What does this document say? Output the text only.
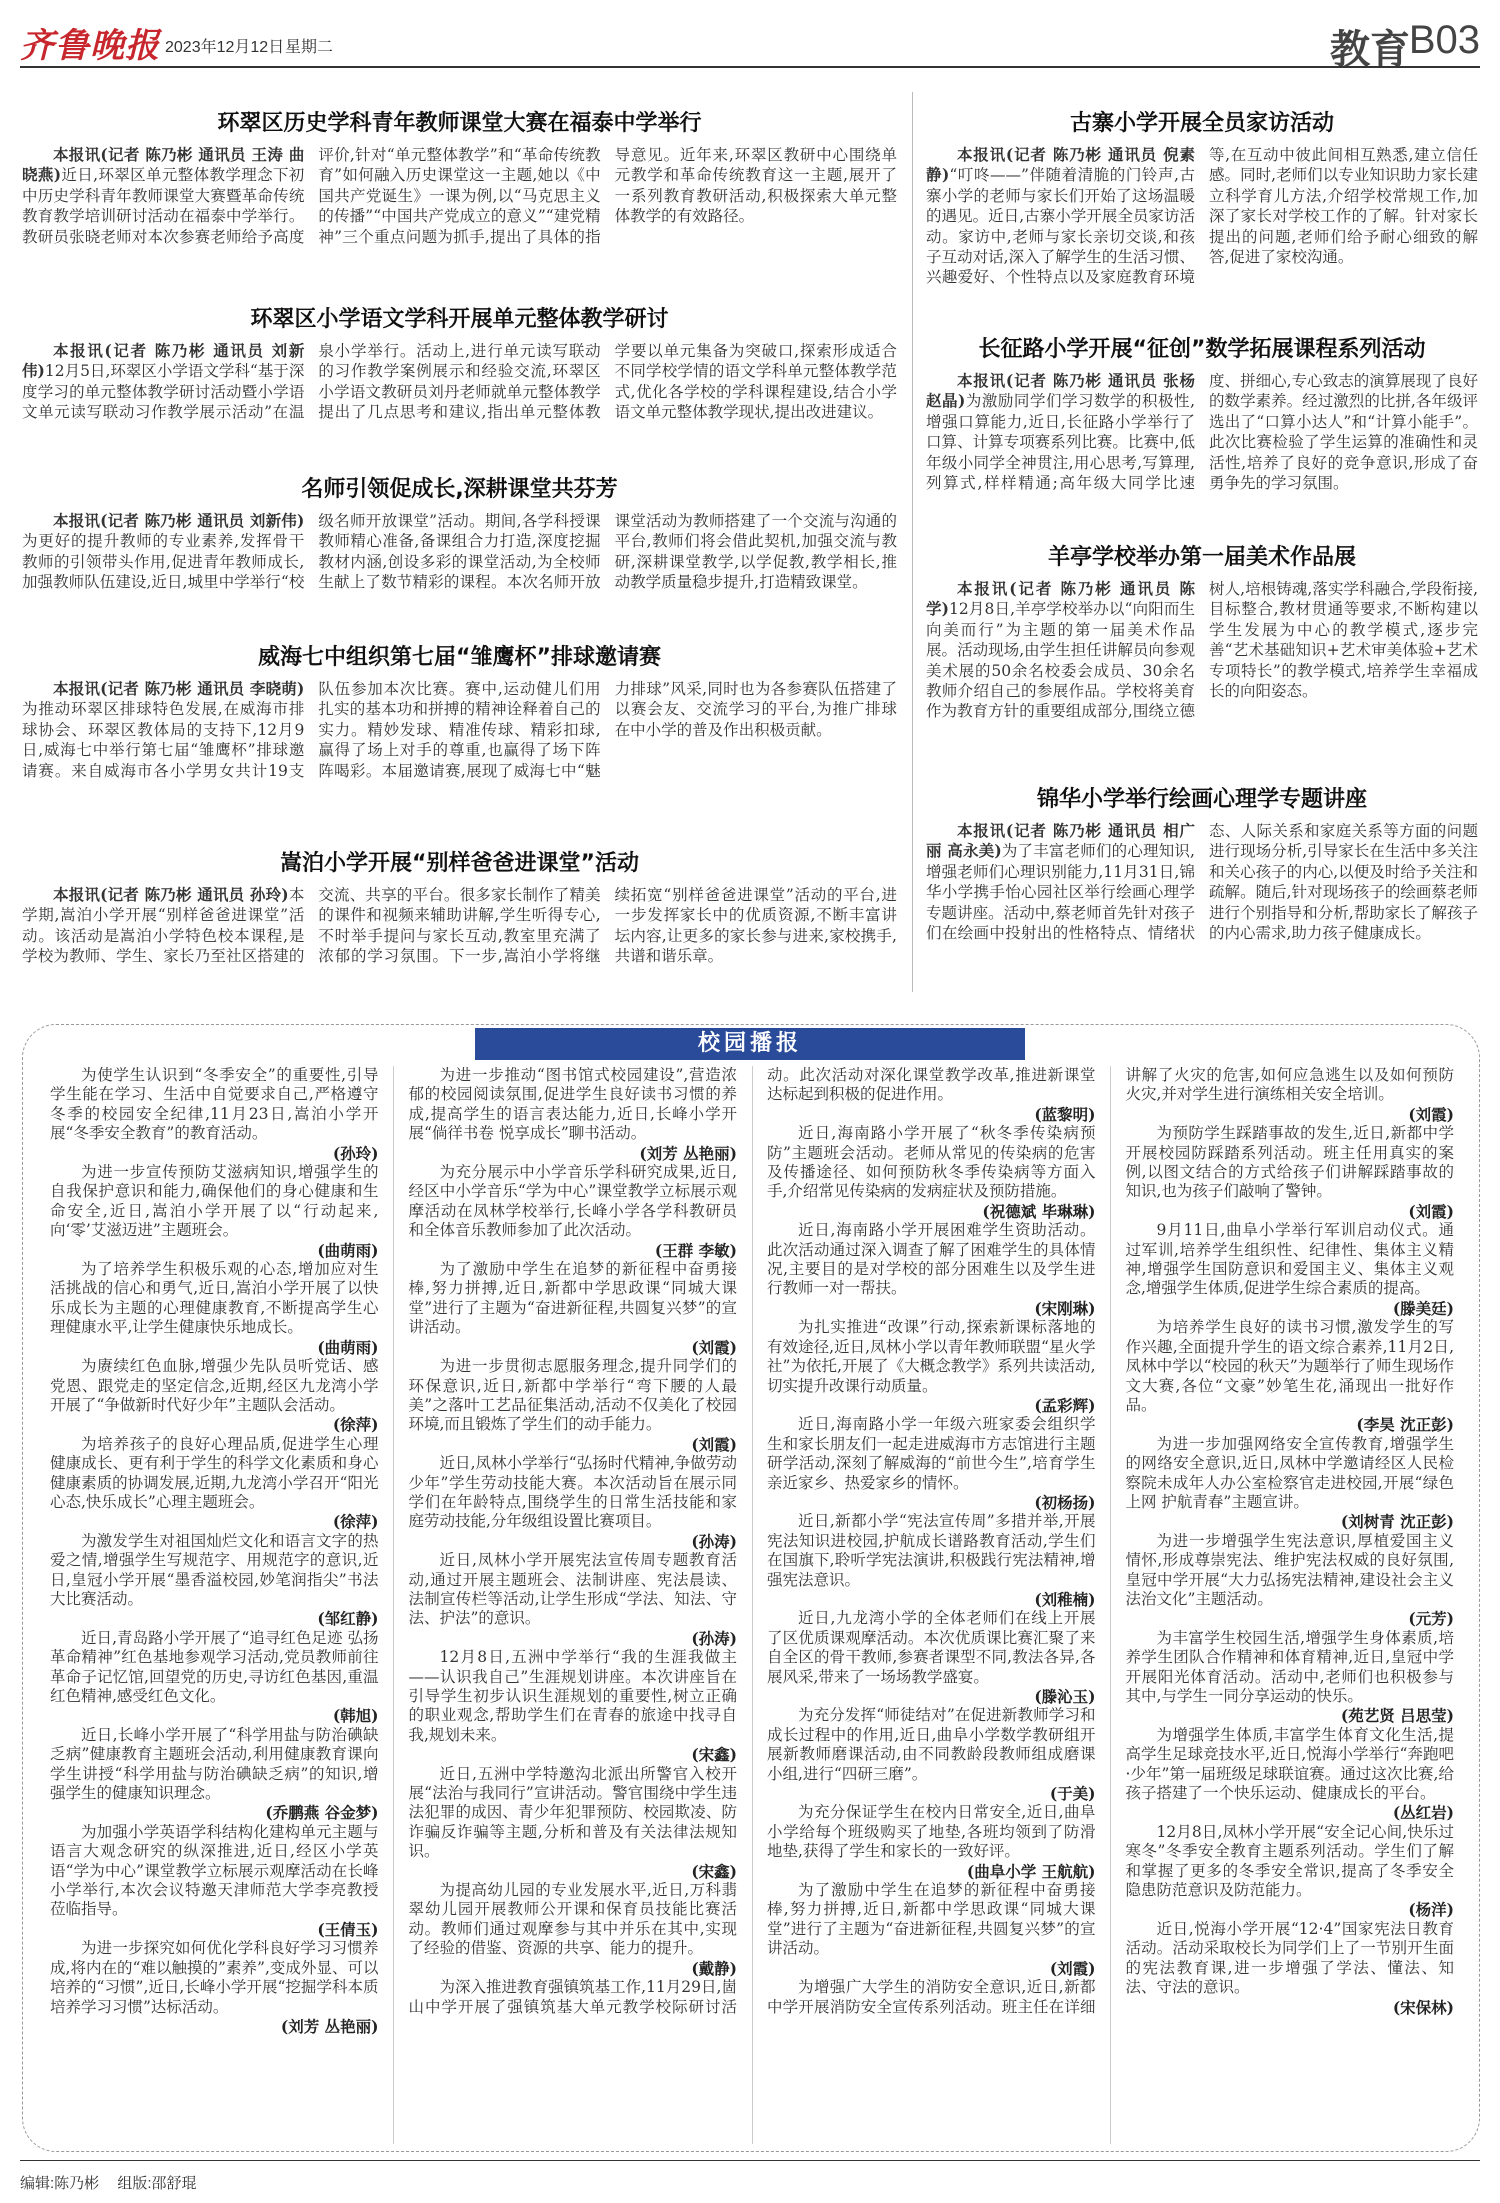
齐鲁晚报 2023年12月12日 星期二	教育
B03
环翠区历史学科青年教师课堂大赛在福泰中学举行

本报讯(记者 陈乃彬 通讯员 王涛 曲晓燕)近日,环翠区单元整体教学理念下初中历史学科青年教师课堂大赛暨革命传统教育教学培训研讨活动在福泰中学举行。教研员张晓老师对本次参赛老师给予高度评价,针对“单元整体教学”和“革命传统教育”如何融入历史课堂这一主题,她以《中国共产党诞生》一课为例,以“马克思主义的传播”“中国共产党成立的意义”“建党精神”三个重点问题为抓手,提出了具体的指导意见。近年来,环翠区教研中心围绕单元教学和革命传统教育这一主题,展开了一系列教育教研活动,积极探索大单元整体教学的有效路径。

环翠区小学语文学科开展单元整体教学研讨

本报讯(记者 陈乃彬 通讯员 刘新伟)12月5日,环翠区小学语文学科“基于深度学习的单元整体教学研讨活动暨小学语文单元读写联动习作教学展示活动”在温泉小学举行。活动上,进行单元读写联动的习作教学案例展示和经验交流,环翠区小学语文教研员刘丹老师就单元整体教学提出了几点思考和建议,指出单元整体教学要以单元集备为突破口,探索形成适合不同学校学情的语文学科单元整体教学范式,优化各学校的学科课程建设,结合小学语文单元整体教学现状,提出改进建议。

名师引领促成长,深耕课堂共芬芳

本报讯(记者 陈乃彬 通讯员 刘新伟)为更好的提升教师的专业素养,发挥骨干教师的引领带头作用,促进青年教师成长,加强教师队伍建设,近日,城里中学举行“校级名师开放课堂”活动。期间,各学科授课教师精心准备,备课组合力打造,深度挖掘教材内涵,创设多彩的课堂活动,为全校师生献上了数节精彩的课程。本次名师开放课堂活动为教师搭建了一个交流与沟通的平台,教师们将会借此契机,加强交流与教研,深耕课堂教学,以学促教,教学相长,推动教学质量稳步提升,打造精致课堂。

威海七中组织第七届“雏鹰杯”排球邀请赛

本报讯(记者 陈乃彬 通讯员 李晓萌)为推动环翠区排球特色发展,在威海市排球协会、环翠区教体局的支持下,12月9日,威海七中举行第七届“雏鹰杯”排球邀请赛。来自威海市各小学男女共计19支队伍参加本次比赛。赛中,运动健儿们用扎实的基本功和拼搏的精神诠释着自己的实力。精妙发球、精准传球、精彩扣球,赢得了场上对手的尊重,也赢得了场下阵阵喝彩。本届邀请赛,展现了威海七中“魅力排球”风采,同时也为各参赛队伍搭建了以赛会友、交流学习的平台,为推广排球在中小学的普及作出积极贡献。

嵩泊小学开展“别样爸爸进课堂”活动

本报讯(记者 陈乃彬 通讯员 孙玲)本学期,嵩泊小学开展“别样爸爸进课堂”活动。该活动是嵩泊小学特色校本课程,是学校为教师、学生、家长乃至社区搭建的交流、共享的平台。很多家长制作了精美的课件和视频来辅助讲解,学生听得专心,不时举手提问与家长互动,教室里充满了浓郁的学习氛围。下一步,嵩泊小学将继续拓宽“别样爸爸进课堂”活动的平台,进一步发挥家长中的优质资源,不断丰富讲坛内容,让更多的家长参与进来,家校携手,共谱和谐乐章。

古寨小学开展全员家访活动

本报讯(记者 陈乃彬 通讯员 倪素静)“叮咚——”伴随着清脆的门铃声,古寨小学的老师与家长们开始了这场温暖的遇见。近日,古寨小学开展全员家访活动。家访中,老师与家长亲切交谈,和孩子互动对话,深入了解学生的生活习惯、兴趣爱好、个性特点以及家庭教育环境等,在互动中彼此间相互熟悉,建立信任感。同时,老师们以专业知识助力家长建立科学育儿方法,介绍学校常规工作,加深了家长对学校工作的了解。针对家长提出的问题,老师们给予耐心细致的解答,促进了家校沟通。

长征路小学开展“征创”数学拓展课程系列活动

本报讯(记者 陈乃彬 通讯员 张杨 赵晶)为激励同学们学习数学的积极性,增强口算能力,近日,长征路小学举行了口算、计算专项赛系列比赛。比赛中,低年级小同学全神贯注,用心思考,写算理,列算式,样样精通;高年级大同学比速度、拼细心,专心致志的演算展现了良好的数学素养。经过激烈的比拼,各年级评选出了“口算小达人”和“计算小能手”。此次比赛检验了学生运算的准确性和灵活性,培养了良好的竞争意识,形成了奋勇争先的学习氛围。

羊亭学校举办第一届美术作品展

本报讯(记者 陈乃彬 通讯员 陈学)12月8日,羊亭学校举办以“向阳而生 向美而行”为主题的第一届美术作品展。活动现场,由学生担任讲解员向参观美术展的50余名校委会成员、30余名教师介绍自己的参展作品。学校将美育作为教育方针的重要组成部分,围绕立德树人,培根铸魂,落实学科融合,学段衔接,目标整合,教材贯通等要求,不断构建以学生发展为中心的教学模式,逐步完善“艺术基础知识+艺术审美体验+艺术专项特长”的教学模式,培养学生幸福成长的向阳姿态。

锦华小学举行绘画心理学专题讲座

本报讯(记者 陈乃彬 通讯员 相广丽 高永美)为了丰富老师们的心理知识,增强老师们心理识别能力,11月31日,锦华小学携手怡心园社区举行绘画心理学专题讲座。活动中,蔡老师首先针对孩子们在绘画中投射出的性格特点、情绪状态、人际关系和家庭关系等方面的问题进行现场分析,引导家长在生活中多关注和关心孩子的内心,以便及时给予关注和疏解。随后,针对现场孩子的绘画蔡老师进行个别指导和分析,帮助家长了解孩子的内心需求,助力孩子健康成长。

校园播报
为使学生认识到“冬季安全”的重要性,引导学生能在学习、生活中自觉要求自己,严格遵守冬季的校园安全纪律,11月23日,嵩泊小学开展“冬季安全教育”的教育活动。
(孙玲)
为进一步宣传预防艾滋病知识,增强学生的自我保护意识和能力,确保他们的身心健康和生命安全,近日,嵩泊小学开展了以“行动起来,向‘零’艾滋迈进”主题班会。
(曲萌雨)
为了培养学生积极乐观的心态,增加应对生活挑战的信心和勇气,近日,嵩泊小学开展了以快乐成长为主题的心理健康教育,不断提高学生心理健康水平,让学生健康快乐地成长。
(曲萌雨)
为赓续红色血脉,增强少先队员听党话、感党恩、跟党走的坚定信念,近期,经区九龙湾小学开展了“争做新时代好少年”主题队会活动。
(徐萍)
为培养孩子的良好心理品质,促进学生心理健康成长、更有利于学生的科学文化素质和身心健康素质的协调发展,近期,九龙湾小学召开“阳光心态,快乐成长”心理主题班会。
(徐萍)
为激发学生对祖国灿烂文化和语言文字的热爱之情,增强学生写规范字、用规范字的意识,近日,皇冠小学开展“墨香溢校园,妙笔润指尖”书法大比赛活动。
(邹红静)
近日,青岛路小学开展了“追寻红色足迹 弘扬革命精神”红色基地参观学习活动,党员教师前往革命子记忆馆,回望党的历史,寻访红色基因,重温红色精神,感受红色文化。
(韩旭)
近日,长峰小学开展了“科学用盐与防治碘缺乏病”健康教育主题班会活动,利用健康教育课向学生讲授“科学用盐与防治碘缺乏病”的知识,增强学生的健康知识理念。
(乔鹏燕 谷金梦)
为加强小学英语学科结构化建构单元主题与语言大观念研究的纵深推进,近日,经区小学英语“学为中心”课堂教学立标展示观摩活动在长峰小学举行,本次会议特邀天津师范大学李亮教授莅临指导。
(王倩玉)
为进一步探究如何优化学科良好学习习惯养成,将内在的“难以触摸的”素养”,变成外显、可以培养的“习惯”,近日,长峰小学开展“挖掘学科本质 培养学习习惯”达标活动。
(刘芳 丛艳丽)
为进一步推动“图书馆式校园建设”,营造浓郁的校园阅读氛围,促进学生良好读书习惯的养成,提高学生的语言表达能力,近日,长峰小学开展“倘徉书卷 悦享成长”聊书活动。
(刘芳 丛艳丽)
为充分展示中小学音乐学科研究成果,近日,经区中小学音乐“学为中心”课堂教学立标展示观摩活动在凤林学校举行,长峰小学各学科教研员和全体音乐教师参加了此次活动。
(王群 李敏)
为了激励中学生在追梦的新征程中奋勇接棒,努力拼搏,近日,新都中学思政课“同城大课堂”进行了主题为“奋进新征程,共圆复兴梦”的宣讲活动。
(刘霞)
为进一步贯彻志愿服务理念,提升同学们的环保意识,近日,新都中学举行“弯下腰的人最美”之落叶工艺品征集活动,活动不仅美化了校园环境,而且锻炼了学生们的动手能力。
(刘霞)
近日,凤林小学举行“弘扬时代精神,争做劳动少年”学生劳动技能大赛。本次活动旨在展示同学们在年龄特点,围绕学生的日常生活技能和家庭劳动技能,分年级组设置比赛项目。
(孙涛)
近日,凤林小学开展宪法宣传周专题教育活动,通过开展主题班会、法制讲座、宪法晨读、法制宣传栏等活动,让学生形成“学法、知法、守法、护法”的意识。
(孙涛)
12月8日,五洲中学举行“我的生涯我做主——认识我自己”生涯规划讲座。本次讲座旨在引导学生初步认识生涯规划的重要性,树立正确的职业观念,帮助学生们在青春的旅途中找寻自我,规划未来。
(宋鑫)
近日,五洲中学特邀沟北派出所警官入校开展“法治与我同行”宣讲活动。警官围绕中学生违法犯罪的成因、青少年犯罪预防、校园欺凌、防诈骗反诈骗等主题,分析和普及有关法律法规知识。
(宋鑫)
为提高幼儿园的专业发展水平,近日,万科翡翠幼儿园开展教师公开课和保育员技能比赛活动。教师们通过观摩参与其中并乐在其中,实现了经验的借鉴、资源的共享、能力的提升。
(戴静)
为深入推进教育强镇筑基工作,11月29日,崮山中学开展了强镇筑基大单元教学校际研讨活动。此次活动对深化课堂教学改革,推进新课堂达标起到积极的促进作用。
(蓝黎明)
近日,海南路小学开展了“秋冬季传染病预防”主题班会活动。老师从常见的传染病的危害及传播途径、如何预防秋冬季传染病等方面入手,介绍常见传染病的发病症状及预防措施。
(祝德斌 毕琳琳)
近日,海南路小学开展困难学生资助活动。此次活动通过深入调查了解了困难学生的具体情况,主要目的是对学校的部分困难生以及学生进行教师一对一帮扶。
(宋刚琳)
为扎实推进“改课”行动,探索新课标落地的有效途径,近日,凤林小学以青年教师联盟“星火学社”为依托,开展了《大概念教学》系列共读活动,切实提升改课行动质量。
(孟彩辉)
近日,海南路小学一年级六班家委会组织学生和家长朋友们一起走进威海市方志馆进行主题研学活动,深刻了解威海的“前世今生”,培育学生亲近家乡、热爱家乡的情怀。
(初杨扬)
近日,新都小学“宪法宣传周”多措并举,开展宪法知识进校园,护航成长谱路教育活动,学生们在国旗下,聆听学宪法演讲,积极践行宪法精神,增强宪法意识。
(刘稚楠)
近日,九龙湾小学的全体老师们在线上开展了区优质课观摩活动。本次优质课比赛汇聚了来自全区的骨干教师,参赛者课型不同,教法各异,各展风采,带来了一场场教学盛宴。
(滕沁玉)
为充分发挥“师徒结对”在促进新教师学习和成长过程中的作用,近日,曲阜小学数学教研组开展新教师磨课活动,由不同教龄段教师组成磨课小组,进行“四研三磨”。
(于美)
为充分保证学生在校内日常安全,近日,曲阜小学给每个班级购买了地垫,各班均领到了防滑地垫,获得了学生和家长的一致好评。
(曲阜小学 王航航)
为了激励中学生在追梦的新征程中奋勇接棒,努力拼搏,近日,新都中学思政课“同城大课堂”进行了主题为“奋进新征程,共圆复兴梦”的宣讲活动。
(刘霞)
为增强广大学生的消防安全意识,近日,新都中学开展消防安全宣传系列活动。班主任在详细讲解了火灾的危害,如何应急逃生以及如何预防火灾,并对学生进行演练相关安全培训。
(刘霞)
为预防学生踩踏事故的发生,近日,新都中学开展校园防踩踏系列活动。班主任用真实的案例,以图文结合的方式给孩子们讲解踩踏事故的知识,也为孩子们敲响了警钟。
(刘霞)
9月11日,曲阜小学举行军训启动仪式。通过军训,培养学生组织性、纪律性、集体主义精神,增强学生国防意识和爱国主义、集体主义观念,增强学生体质,促进学生综合素质的提高。
(滕美廷)
为培养学生良好的读书习惯,激发学生的写作兴趣,全面提升学生的语文综合素养,11月2日,凤林中学以“校园的秋天”为题举行了师生现场作文大赛,各位“文豪”妙笔生花,涌现出一批好作品。
(李昊 沈正彭)
为进一步加强网络安全宣传教育,增强学生的网络安全意识,近日,凤林中学邀请经区人民检察院未成年人办公室检察官走进校园,开展“绿色上网 护航青春”主题宣讲。
(刘树青 沈正彭)
为进一步增强学生宪法意识,厚植爱国主义情怀,形成尊崇宪法、维护宪法权威的良好氛围,皇冠中学开展“大力弘扬宪法精神,建设社会主义法治文化”主题活动。
(元芳)
为丰富学生校园生活,增强学生身体素质,培养学生团队合作精神和体育精神,近日,皇冠中学开展阳光体育活动。活动中,老师们也积极参与其中,与学生一同分享运动的快乐。
(苑艺贤 吕思莹)
为增强学生体质,丰富学生体育文化生活,提高学生足球竞技水平,近日,悦海小学举行“奔跑吧·少年”第一届班级足球联谊赛。通过这次比赛,给孩子搭建了一个快乐运动、健康成长的平台。
(丛红岩)
12月8日,凤林小学开展“安全记心间,快乐过寒冬”冬季安全教育主题系列活动。学生们了解和掌握了更多的冬季安全常识,提高了冬季安全隐患防范意识及防范能力。
(杨洋)
近日,悦海小学开展“12·4”国家宪法日教育活动。活动采取校长为同学们上了一节别开生面的宪法教育课,进一步增强了学法、懂法、知法、守法的意识。
(宋保林)
编辑:陈乃彬 组版:邵舒琨
